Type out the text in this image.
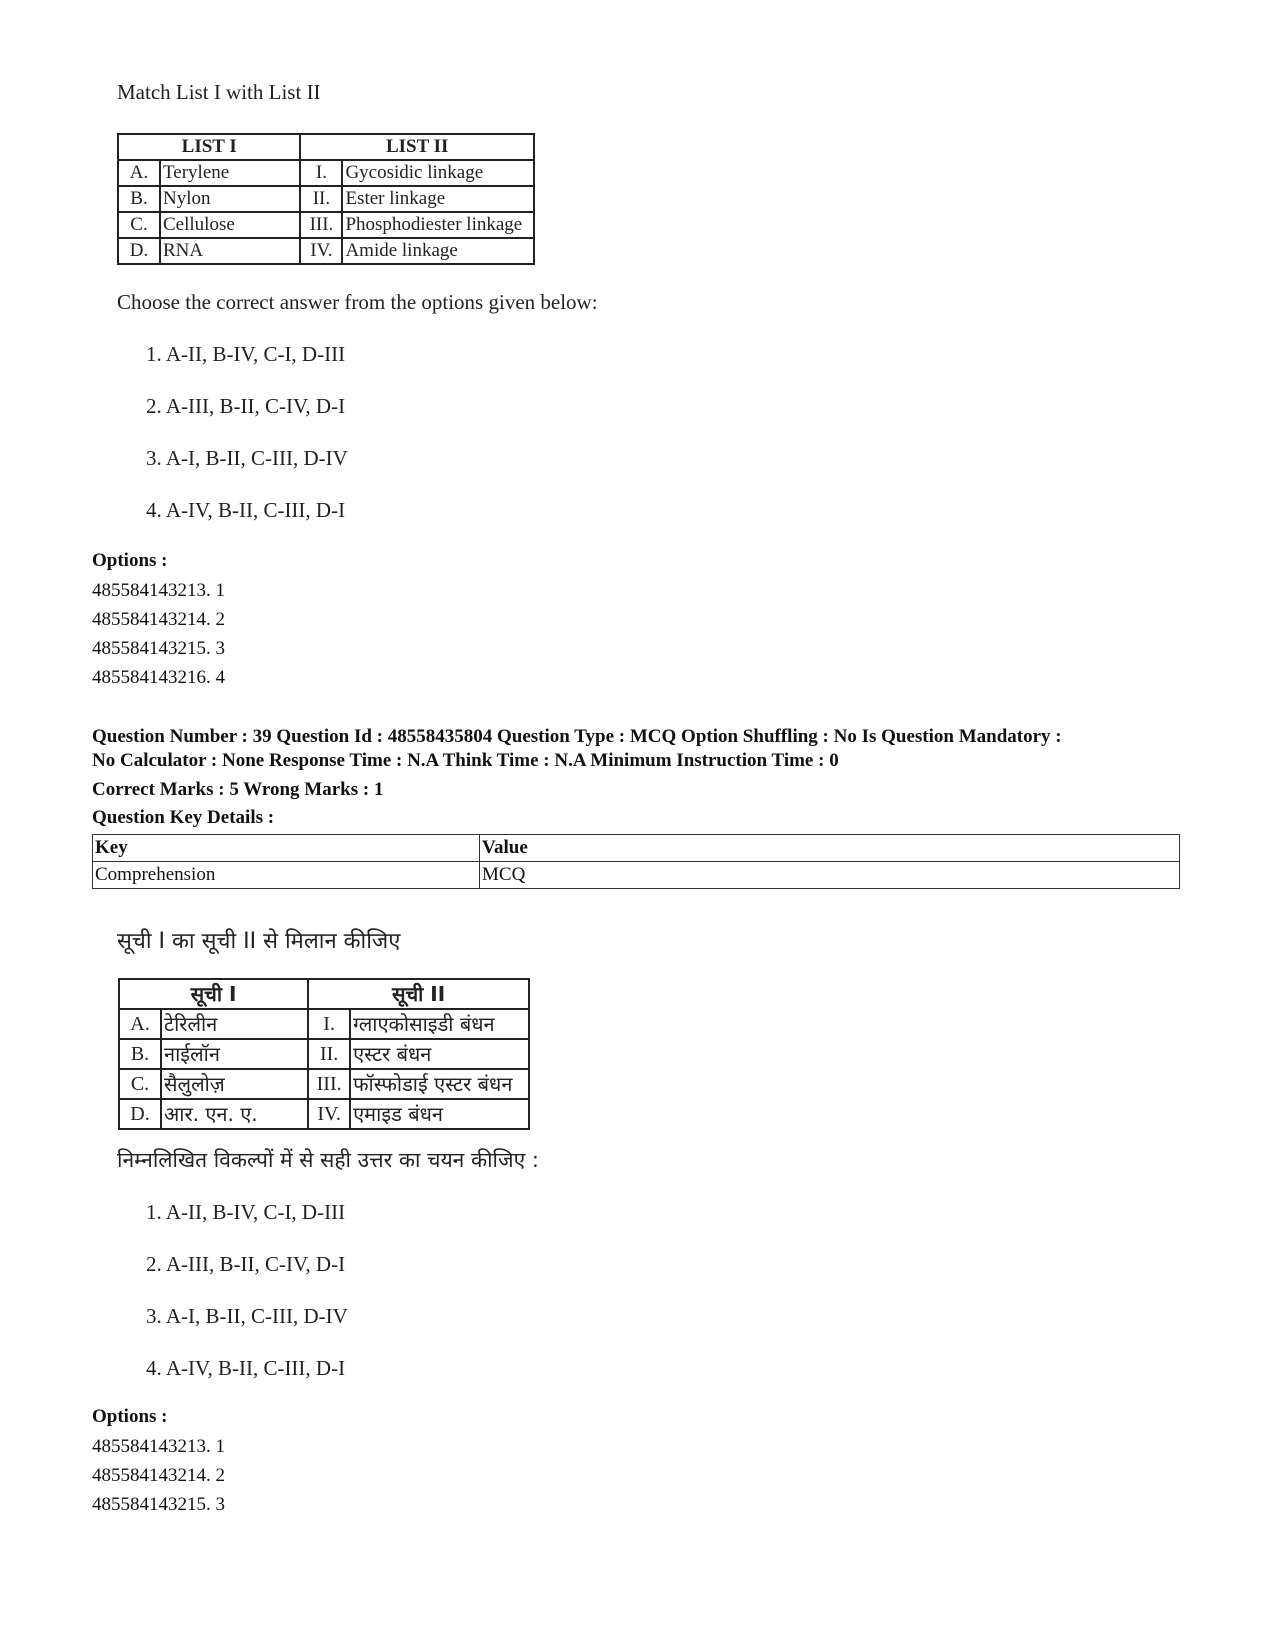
Match List I with List II
LIST I		LIST II	
A.	Terylene	I.	Gycosidic linkage
B.	Nylon	II.	Ester linkage
C.	Cellulose	III.	Phosphodiester linkage
D.	RNA	IV.	Amide linkage
Choose the correct answer from the options given below:
1. A-II, B-IV, C-I, D-III
2. A-III, B-II, C-IV, D-I
3. A-I, B-II, C-III, D-IV
4. A-IV, B-II, C-III, D-I
Options :
485584143213. 1
485584143214. 2
485584143215. 3
485584143216. 4
Question Number : 39 Question Id : 48558435804 Question Type : MCQ Option Shuffling : No Is Question Mandatory :
No Calculator : None Response Time : N.A Think Time : N.A Minimum Instruction Time : 0
Correct Marks : 5 Wrong Marks : 1
Question Key Details :
Key	Value
Comprehension	MCQ
सूची I का सूची II से मिलान कीजिए
सूची I		सूची II	
A.	टेरिलीन	I.	ग्लाएकोसाइडी बंधन
B.	नाईलॉन	II.	एस्टर बंधन
C.	सैलुलोज़	III.	फॉस्फोडाई एस्टर बंधन
D.	आर. एन. ए.	IV.	एमाइड बंधन
निम्नलिखित विकल्पों में से सही उत्तर का चयन कीजिए :
1. A-II, B-IV, C-I, D-III
2. A-III, B-II, C-IV, D-I
3. A-I, B-II, C-III, D-IV
4. A-IV, B-II, C-III, D-I
Options :
485584143213. 1
485584143214. 2
485584143215. 3
